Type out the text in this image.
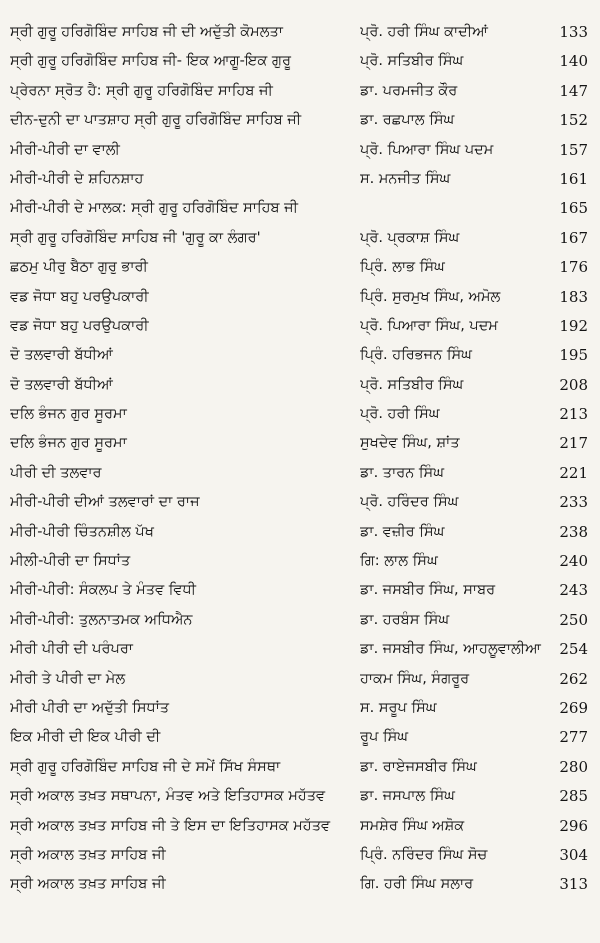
ਸ੍ਰੀ ਗੁਰੂ ਹਰਿਗੋਬਿੰਦ ਸਾਹਿਬ ਜੀ ਦੀ ਅਦੁੱਤੀ ਕੋਮਲਤਾ	ਪ੍ਰੋ. ਹਰੀ ਸਿੰਘ ਕਾਦੀਆਂ	133
ਸ੍ਰੀ ਗੁਰੂ ਹਰਿਗੋਬਿੰਦ ਸਾਹਿਬ ਜੀ- ਇਕ ਆਗੂ-ਇਕ ਗੁਰੂ	ਪ੍ਰੋ. ਸਤਿਬੀਰ ਸਿੰਘ	140
ਪ੍ਰੇਰਨਾ ਸ੍ਰੋਤ ਹੈ: ਸ੍ਰੀ ਗੁਰੂ ਹਰਿਗੋਬਿੰਦ ਸਾਹਿਬ ਜੀ	ਡਾ. ਪਰਮਜੀਤ ਕੌਰ	147
ਦੀਨ-ਦੁਨੀ ਦਾ ਪਾਤਸ਼ਾਹ ਸ੍ਰੀ ਗੁਰੂ ਹਰਿਗੋਬਿੰਦ ਸਾਹਿਬ ਜੀ	ਡਾ. ਰਛਪਾਲ ਸਿੰਘ	152
ਮੀਰੀ-ਪੀਰੀ ਦਾ ਵਾਲੀ	ਪ੍ਰੋ. ਪਿਆਰਾ ਸਿੰਘ ਪਦਮ	157
ਮੀਰੀ-ਪੀਰੀ ਦੇ ਸ਼ਹਿਨਸ਼ਾਹ	ਸ. ਮਨਜੀਤ ਸਿੰਘ	161
ਮੀਰੀ-ਪੀਰੀ ਦੇ ਮਾਲਕ: ਸ੍ਰੀ ਗੁਰੂ ਹਰਿਗੋਬਿੰਦ ਸਾਹਿਬ ਜੀ	165
ਸ੍ਰੀ ਗੁਰੂ ਹਰਿਗੋਬਿੰਦ ਸਾਹਿਬ ਜੀ 'ਗੁਰੂ ਕਾ ਲੰਗਰ'	ਪ੍ਰੋ. ਪ੍ਰਕਾਸ਼ ਸਿੰਘ	167
ਛਠਮੁ ਪੀਰੁ ਬੈਠਾ ਗੁਰੁ ਭਾਰੀ	ਪ੍ਰਿੰ. ਲਾਭ ਸਿੰਘ	176
ਵਡ ਜੋਧਾ ਬਹੁ ਪਰਉਪਕਾਰੀ	ਪ੍ਰਿੰ. ਸੁਰਮੁਖ ਸਿੰਘ, ਅਮੋਲ	183
ਵਡ ਜੋਧਾ ਬਹੁ ਪਰਉਪਕਾਰੀ	ਪ੍ਰੋ. ਪਿਆਰਾ ਸਿੰਘ, ਪਦਮ	192
ਦੋ ਤਲਵਾਰੀ ਬੱਧੀਆਂ	ਪ੍ਰਿੰ. ਹਰਿਭਜਨ ਸਿੰਘ	195
ਦੋ ਤਲਵਾਰੀ ਬੱਧੀਆਂ	ਪ੍ਰੋ. ਸਤਿਬੀਰ ਸਿੰਘ	208
ਦਲਿ ਭੰਜਨ ਗੁਰ ਸੂਰਮਾ	ਪ੍ਰੋ. ਹਰੀ ਸਿੰਘ	213
ਦਲਿ ਭੰਜਨ ਗੁਰ ਸੂਰਮਾ	ਸੁਖਦੇਵ ਸਿੰਘ, ਸ਼ਾਂਤ	217
ਪੀਰੀ ਦੀ ਤਲਵਾਰ	ਡਾ. ਤਾਰਨ ਸਿੰਘ	221
ਮੀਰੀ-ਪੀਰੀ ਦੀਆਂ ਤਲਵਾਰਾਂ ਦਾ ਰਾਜ	ਪ੍ਰੋ. ਹਰਿੰਦਰ ਸਿੰਘ	233
ਮੀਰੀ-ਪੀਰੀ ਚਿੰਤਨਸ਼ੀਲ ਪੱਖ	ਡਾ. ਵਜ਼ੀਰ ਸਿੰਘ	238
ਮੀਲੀ-ਪੀਰੀ ਦਾ ਸਿਧਾਂਤ	ਗਿ: ਲਾਲ ਸਿੰਘ	240
ਮੀਰੀ-ਪੀਰੀ: ਸੰਕਲਪ ਤੇ ਮੰਤਵ ਵਿਧੀ	ਡਾ. ਜਸਬੀਰ ਸਿੰਘ, ਸਾਬਰ	243
ਮੀਰੀ-ਪੀਰੀ: ਤੁਲਨਾਤਮਕ ਅਧਿਐਨ	ਡਾ. ਹਰਬੰਸ ਸਿੰਘ	250
ਮੀਰੀ ਪੀਰੀ ਦੀ ਪਰੰਪਰਾ	ਡਾ. ਜਸਬੀਰ ਸਿੰਘ, ਆਹਲੂਵਾਲੀਆ	254
ਮੀਰੀ ਤੇ ਪੀਰੀ ਦਾ ਮੇਲ	ਹਾਕਮ ਸਿੰਘ, ਸੰਗਰੂਰ	262
ਮੀਰੀ ਪੀਰੀ ਦਾ ਅਦੁੱਤੀ ਸਿਧਾਂਤ	ਸ. ਸਰੂਪ ਸਿੰਘ	269
ਇਕ ਮੀਰੀ ਦੀ ਇਕ ਪੀਰੀ ਦੀ	ਰੂਪ ਸਿੰਘ	277
ਸ੍ਰੀ ਗੁਰੂ ਹਰਿਗੋਬਿੰਦ ਸਾਹਿਬ ਜੀ ਦੇ ਸਮੇਂ ਸਿੱਖ ਸੰਸਥਾ	ਡਾ. ਰਾਏਜਸਬੀਰ ਸਿੰਘ	280
ਸ੍ਰੀ ਅਕਾਲ ਤਖ਼ਤ ਸਥਾਪਨਾ, ਮੰਤਵ ਅਤੇ ਇਤਿਹਾਸਕ ਮਹੱਤਵ	ਡਾ. ਜਸਪਾਲ ਸਿੰਘ	285
ਸ੍ਰੀ ਅਕਾਲ ਤਖ਼ਤ ਸਾਹਿਬ ਜੀ ਤੇ ਇਸ ਦਾ ਇਤਿਹਾਸਕ ਮਹੱਤਵ	ਸਮਸ਼ੇਰ ਸਿੰਘ ਅਸ਼ੋਕ	296
ਸ੍ਰੀ ਅਕਾਲ ਤਖ਼ਤ ਸਾਹਿਬ ਜੀ	ਪ੍ਰਿੰ. ਨਰਿੰਦਰ ਸਿੰਘ ਸੋਚ	304
ਸ੍ਰੀ ਅਕਾਲ ਤਖ਼ਤ ਸਾਹਿਬ ਜੀ	ਗਿ. ਹਰੀ ਸਿੰਘ ਸਲਾਰ	313
